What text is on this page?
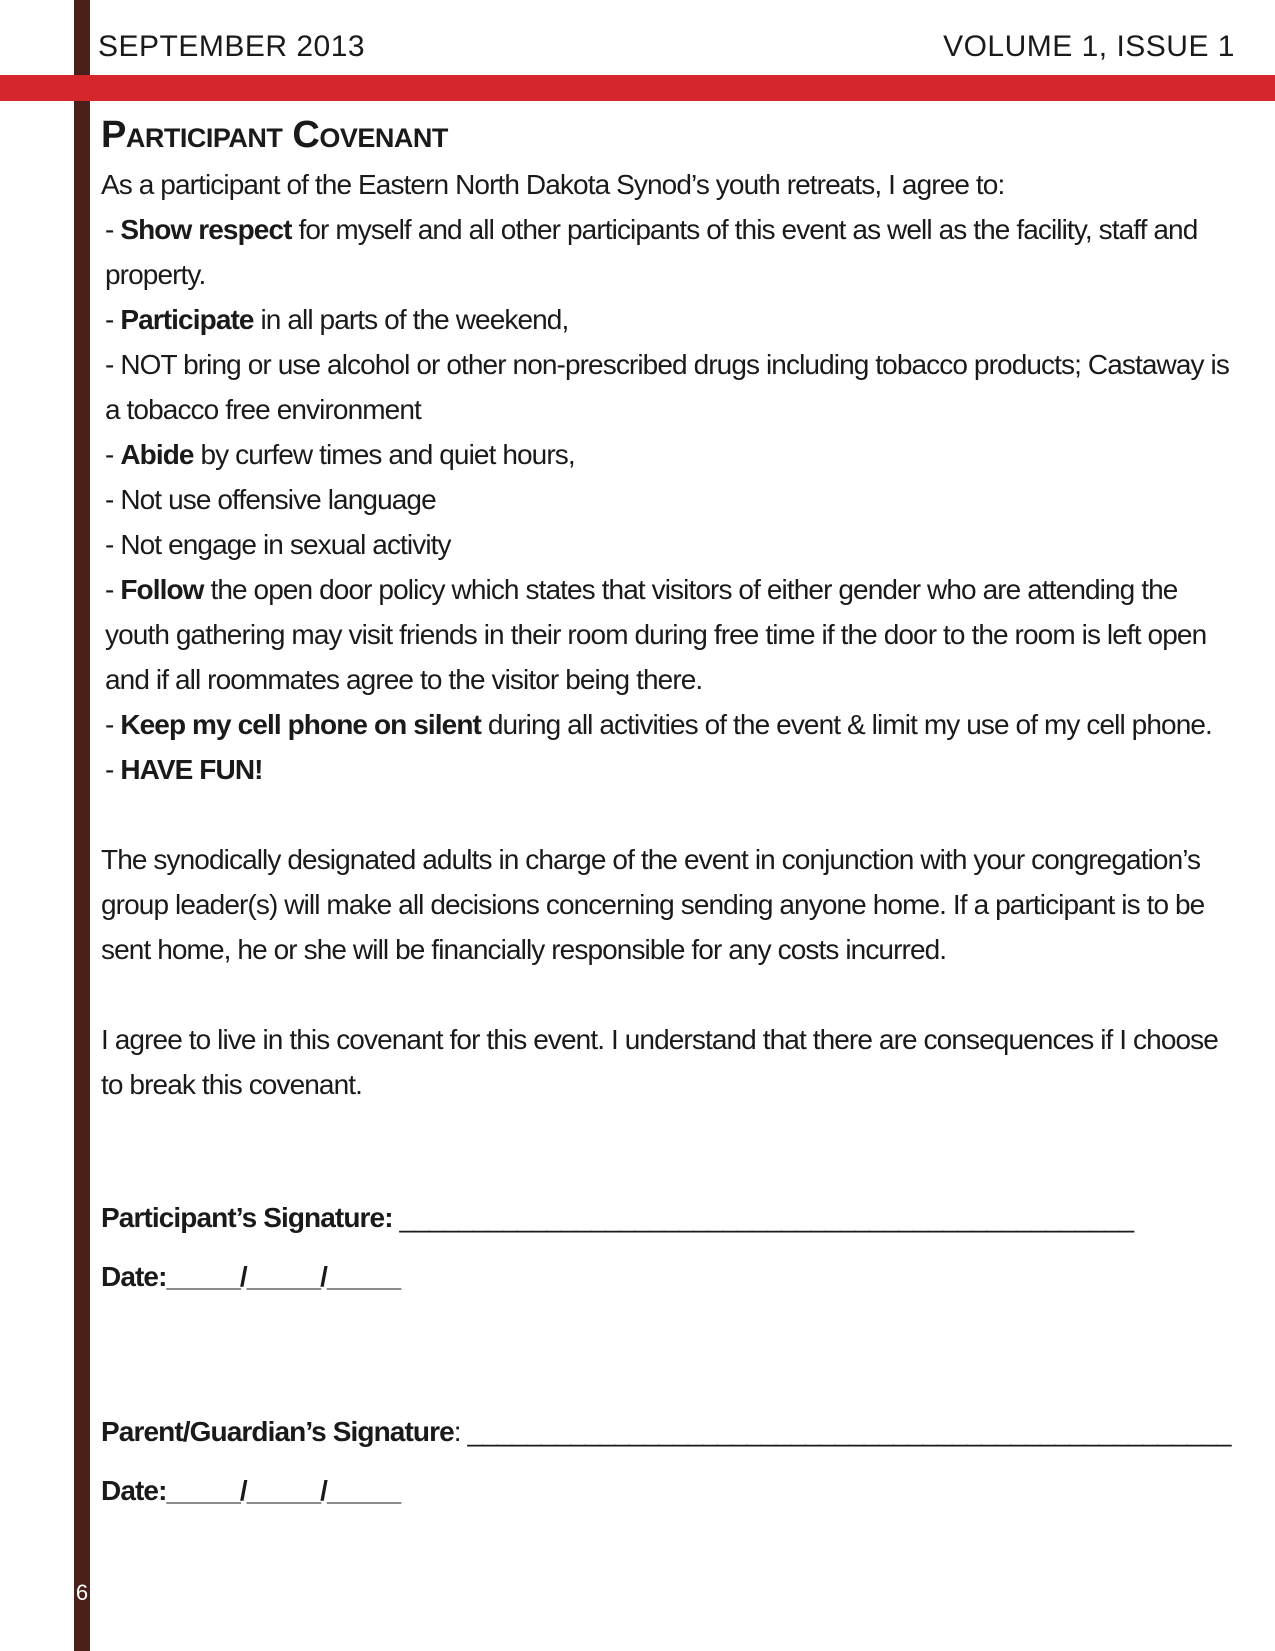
SEPTEMBER 2013	VOLUME 1, ISSUE 1
Participant Covenant

As a participant of the Eastern North Dakota Synod’s youth retreats, I agree to:

- Show respect for myself and all other participants of this event as well as the facility, staff and property.

- Participate in all parts of the weekend,

- NOT bring or use alcohol or other non-prescribed drugs including tobacco products; Castaway is a tobacco free environment

- Abide by curfew times and quiet hours,

- Not use offensive language

- Not engage in sexual activity

- Follow the open door policy which states that visitors of either gender who are attending the youth gathering may visit friends in their room during free time if the door to the room is left open and if all roommates agree to the visitor being there.

- Keep my cell phone on silent during all activities of the event & limit my use of my cell phone.

- HAVE FUN!

The synodically designated adults in charge of the event in conjunction with your congregation’s group leader(s) will make all decisions concerning sending anyone home. If a participant is to be sent home, he or she will be financially responsible for any costs incurred.

I agree to live in this covenant for this event. I understand that there are consequences if I choose to break this covenant.

Participant’s Signature: __________________________________________________

Date:_____/_____/_____

Parent/Guardian’s Signature: ____________________________________________________

Date:_____/_____/_____

6
